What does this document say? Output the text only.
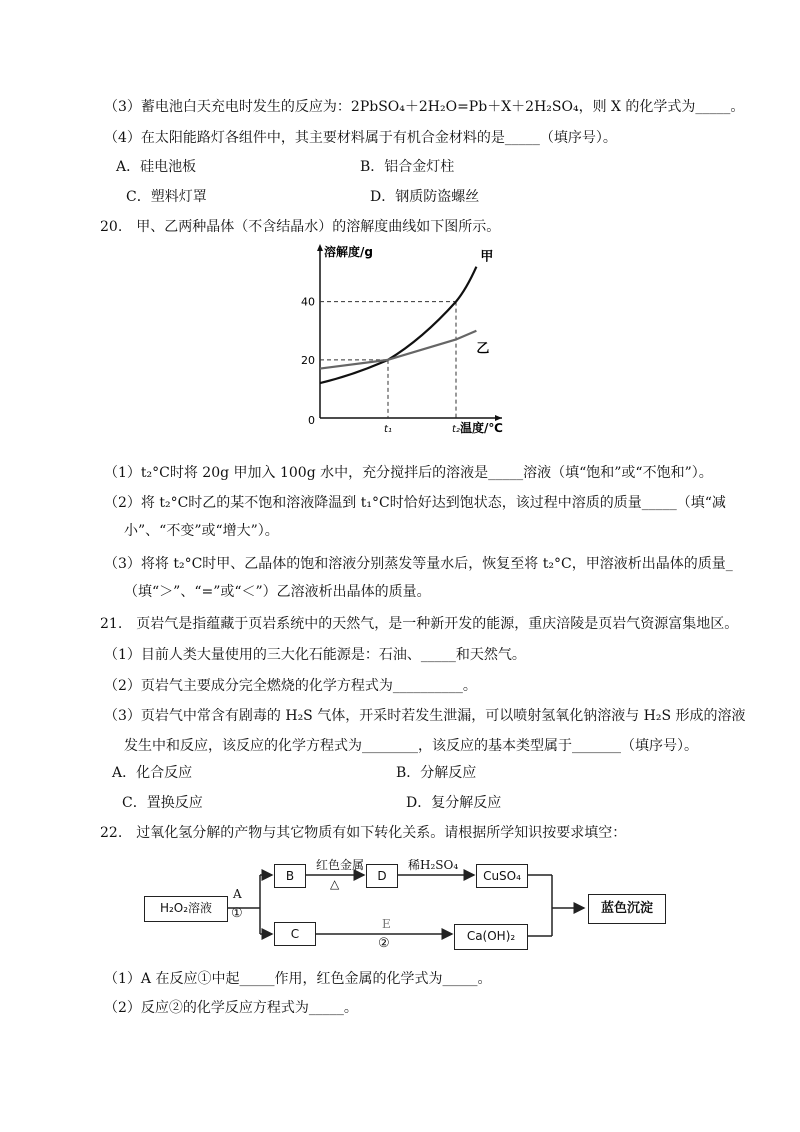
（3）蓄电池白天充电时发生的反应为：2PbSO₄＋2H₂O=Pb＋X＋2H₂SO₄，则 X 的化学式为_____。
（4）在太阳能路灯各组件中，其主要材料属于有机合金材料的是_____（填序号）。
A．硅电池板	B．铝合金灯柱
C．塑料灯罩	D．钢质防盗螺丝
20.　甲、乙两种晶体（不含结晶水）的溶解度曲线如下图所示。
溶解度/g
温度/℃
0
20
40
t₁	t₂
甲
乙
（1）t₂°C时将 20g 甲加入 100g 水中，充分搅拌后的溶液是_____溶液（填“饱和”或“不饱和”）。
（2）将 t₂°C时乙的某不饱和溶液降温到 t₁°C时恰好达到饱状态，该过程中溶质的质量_____（填“减
小”、“不变”或“增大”）。
（3）将将 t₂°C时甲、乙晶体的饱和溶液分别蒸发等量水后，恢复至将 t₂°C，甲溶液析出晶体的质量_
（填“＞”、“=”或“＜”）乙溶液析出晶体的质量。
21.　页岩气是指蕴藏于页岩系统中的天然气，是一种新开发的能源，重庆涪陵是页岩气资源富集地区。
（1）目前人类大量使用的三大化石能源是：石油、_____和天然气。
（2）页岩气主要成分完全燃烧的化学方程式为__________。
（3）页岩气中常含有剧毒的 H₂S 气体，开采时若发生泄漏，可以喷射氢氧化钠溶液与 H₂S 形成的溶液
发生中和反应，该反应的化学方程式为________，该反应的基本类型属于_______（填序号）。
A．化合反应	B．分解反应
C．置换反应	D．复分解反应
22.　过氧化氢分解的产物与其它物质有如下转化关系。请根据所学知识按要求填空：
H₂O₂溶液
A
①
B
红色金属
△
D
稀H₂SO₄
CuSO₄
C
E
②	Ca(OH)₂
蓝色沉淀
（1）A 在反应①中起_____作用，红色金属的化学式为_____。
（2）反应②的化学反应方程式为_____。
